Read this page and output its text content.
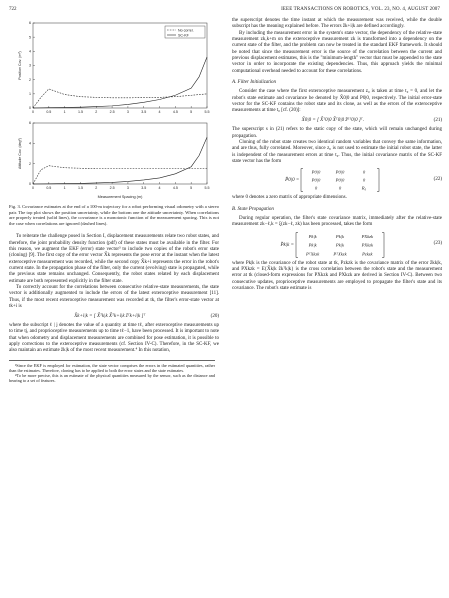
722	IEEE TRANSACTIONS ON ROBOTICS, VOL. 23, NO. 4, AUGUST 2007
0	0.5	1	1.5	2	2.5	3	3.5	4	4.5	5	5.5
0
1
2
3
4
5
6
Position Cov. (m²)
No correl.
SC-KF
0	0.5	1	1.5	2	2.5	3	3.5	4	4.5	5	5.5
0
2
4
6
Attitude Cov. (deg²)
Measurement Spacing (m)
Fig. 3. Covariance estimates at the end of a 100-m trajectory for a robot performing visual odometry with a stereo pair. The top plot shows the position uncertainty, while the bottom one the attitude uncertainty. When correlations are properly treated (solid lines), the covariance is a monotonic function of the measurement spacing. This is not the case when correlations are ignored (dashed lines).

To reiterate the challenge posed in Section I, displacement measurements relate two robot states, and therefore, the joint probability density function (pdf) of these states must be available in the filter. For this reason, we augment the EKF (error) state vector³ to include two copies of the robot's error state (cloning) [9]. The first copy of the error vector X̃k represents the pose error at the instant when the latest exteroceptive measurement was recorded, while the second copy X̃k+i represents the error in the robot's current state. In the propagation phase of the filter, only the current (evolving) state is propagated, while the previous state remains unchanged. Consequently, the robot states related by each displacement estimate are both represented explicitly in the filter state.

To correctly account for the correlations between consecutive relative-state measurements, the state vector is additionally augmented to include the errors of the latest exteroceptive measurement [11]. Thus, if the most recent exteroceptive measurement was recorded at tk, the filter's error-state vector at tk+i is

X̆k+i|k = [ X̃ᵀk|k X̃ᵀk+i|k z̃ᵀk+i|k ]ᵀ	(20)

where the subscript ℓ | j denotes the value of a quantity at time tℓ, after exteroceptive measurements up to time tj, and proprioceptive measurements up to time tℓ−1, have been processed. It is important to note that when odometry and displacement measurements are combined for pose estimation, it is possible to apply corrections to the exteroceptive measurements (cf. Section IV-C). Therefore, in the SC-KF, we also maintain an estimate ẑk|k of the most recent measurement.⁴ In this notation,

³Since the EKF is employed for estimation, the state vector comprises the errors in the estimated quantities, rather than the estimates. Therefore, cloning has to be applied to both the error states and the state estimates.

⁴To be more precise, this is an estimate of the physical quantities measured by the sensor, such as the distance and bearing to a set of features.

the superscript denotes the time instant at which the measurement was received, while the double subscript has the meaning explained before. The errors z̃k+i|k are defined accordingly.

By including the measurement error in the system's state vector, the dependency of the relative-state measurement zk,k+m on the exteroceptive measurement zk is transformed into a dependency on the current state of the filter, and the problem can now be treated in the standard EKF framework. It should be noted that since the measurement error is the source of the correlation between the current and previous displacement estimates, this is the "minimum-length" vector that must be appended to the state vector in order to incorporate the existing dependencies. Thus, this approach yields the minimal computational overhead needed to account for these correlations.

A. Filter Initialization

Consider the case where the first exteroceptive measurement z₀ is taken at time t₀ = 0, and let the robot's state estimate and covariance be denoted by X̂0|0 and P0|0, respectively. The initial error-state vector for the SC-KF contains the robot state and its clone, as well as the errors of the exteroceptive measurements at time t₀ [cf. (20)]:

X̆0|0 = [ X̃ᵀ0|0 X̃ᵀ0|0 z̃⁰ᵀ0|0 ]ᵀ.	(21)

The superscript s in (21) refers to the static copy of the state, which will remain unchanged during propagation.

Cloning of the robot state creates two identical random variables that convey the same information, and are thus, fully correlated. Moreover, since z₀ is not used to estimate the initial robot state, the latter is independent of the measurement errors at time t₀. Thus, the initial covariance matrix of the SC-KF state vector has the form

P̆0|0 =
P0|0	P0|0	0
P0|0	P0|0	0
0	0	R₀
(22)

where 0 denotes a zero matrix of appropriate dimensions.

B. State Propagation

During regular operation, the filter's state covariance matrix, immediately after the relative-state measurement zk−ℓ,k = ξ(zk−ℓ, zk) has been processed, takes the form

P̆k|k =
Pk|k	Pk|k	PXkzk
Pk|k	Pk|k	PXkzk
PᵀXkzk	PᵀXkzk	Pzkzk
(23)

where Pk|k is the covariance of the robot state at tk, Pzkzk is the covariance matrix of the error z̃kk|k, and PXkzk = E{X̃k|k z̃kᵀk|k} is the cross correlation between the robot's state and the measurement error at tk (closed-form expressions for PXkzk and PXkzk are derived in Section IV-C). Between two consecutive updates, proprioceptive measurements are employed to propagate the filter's state and its covariance. The robot's state estimate is
